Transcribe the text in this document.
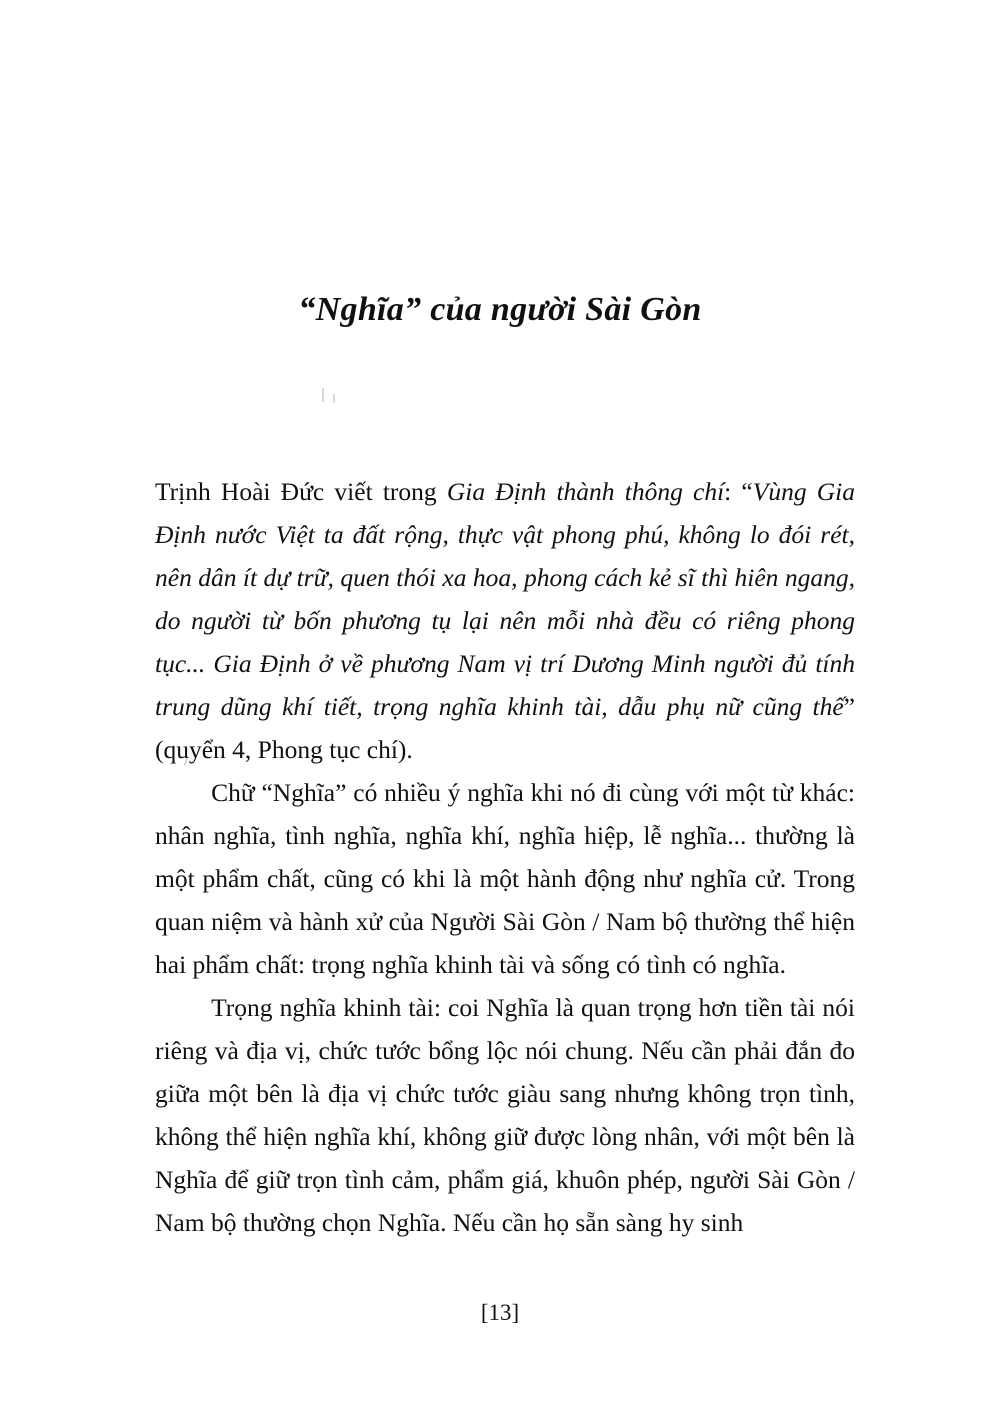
“Nghĩa” của người Sài Gòn

Trịnh Hoài Đức viết trong Gia Định thành thông chí: “Vùng Gia Định nước Việt ta đất rộng, thực vật phong phú, không lo đói rét, nên dân ít dự trữ, quen thói xa hoa, phong cách kẻ sĩ thì hiên ngang, do người từ bốn phương tụ lại nên mỗi nhà đều có riêng phong tục... Gia Định ở về phương Nam vị trí Dương Minh người đủ tính trung dũng khí tiết, trọng nghĩa khinh tài, dẫu phụ nữ cũng thế” (quyển 4, Phong tục chí).

Chữ “Nghĩa” có nhiều ý nghĩa khi nó đi cùng với một từ khác: nhân nghĩa, tình nghĩa, nghĩa khí, nghĩa hiệp, lễ nghĩa... thường là một phẩm chất, cũng có khi là một hành động như nghĩa cử. Trong quan niệm và hành xử của Người Sài Gòn / Nam bộ thường thể hiện hai phẩm chất: trọng nghĩa khinh tài và sống có tình có nghĩa.

Trọng nghĩa khinh tài: coi Nghĩa là quan trọng hơn tiền tài nói riêng và địa vị, chức tước bổng lộc nói chung. Nếu cần phải đắn đo giữa một bên là địa vị chức tước giàu sang nhưng không trọn tình, không thể hiện nghĩa khí, không giữ được lòng nhân, với một bên là Nghĩa để giữ trọn tình cảm, phẩm giá, khuôn phép, người Sài Gòn / Nam bộ thường chọn Nghĩa. Nếu cần họ sẵn sàng hy sinh

[13]
